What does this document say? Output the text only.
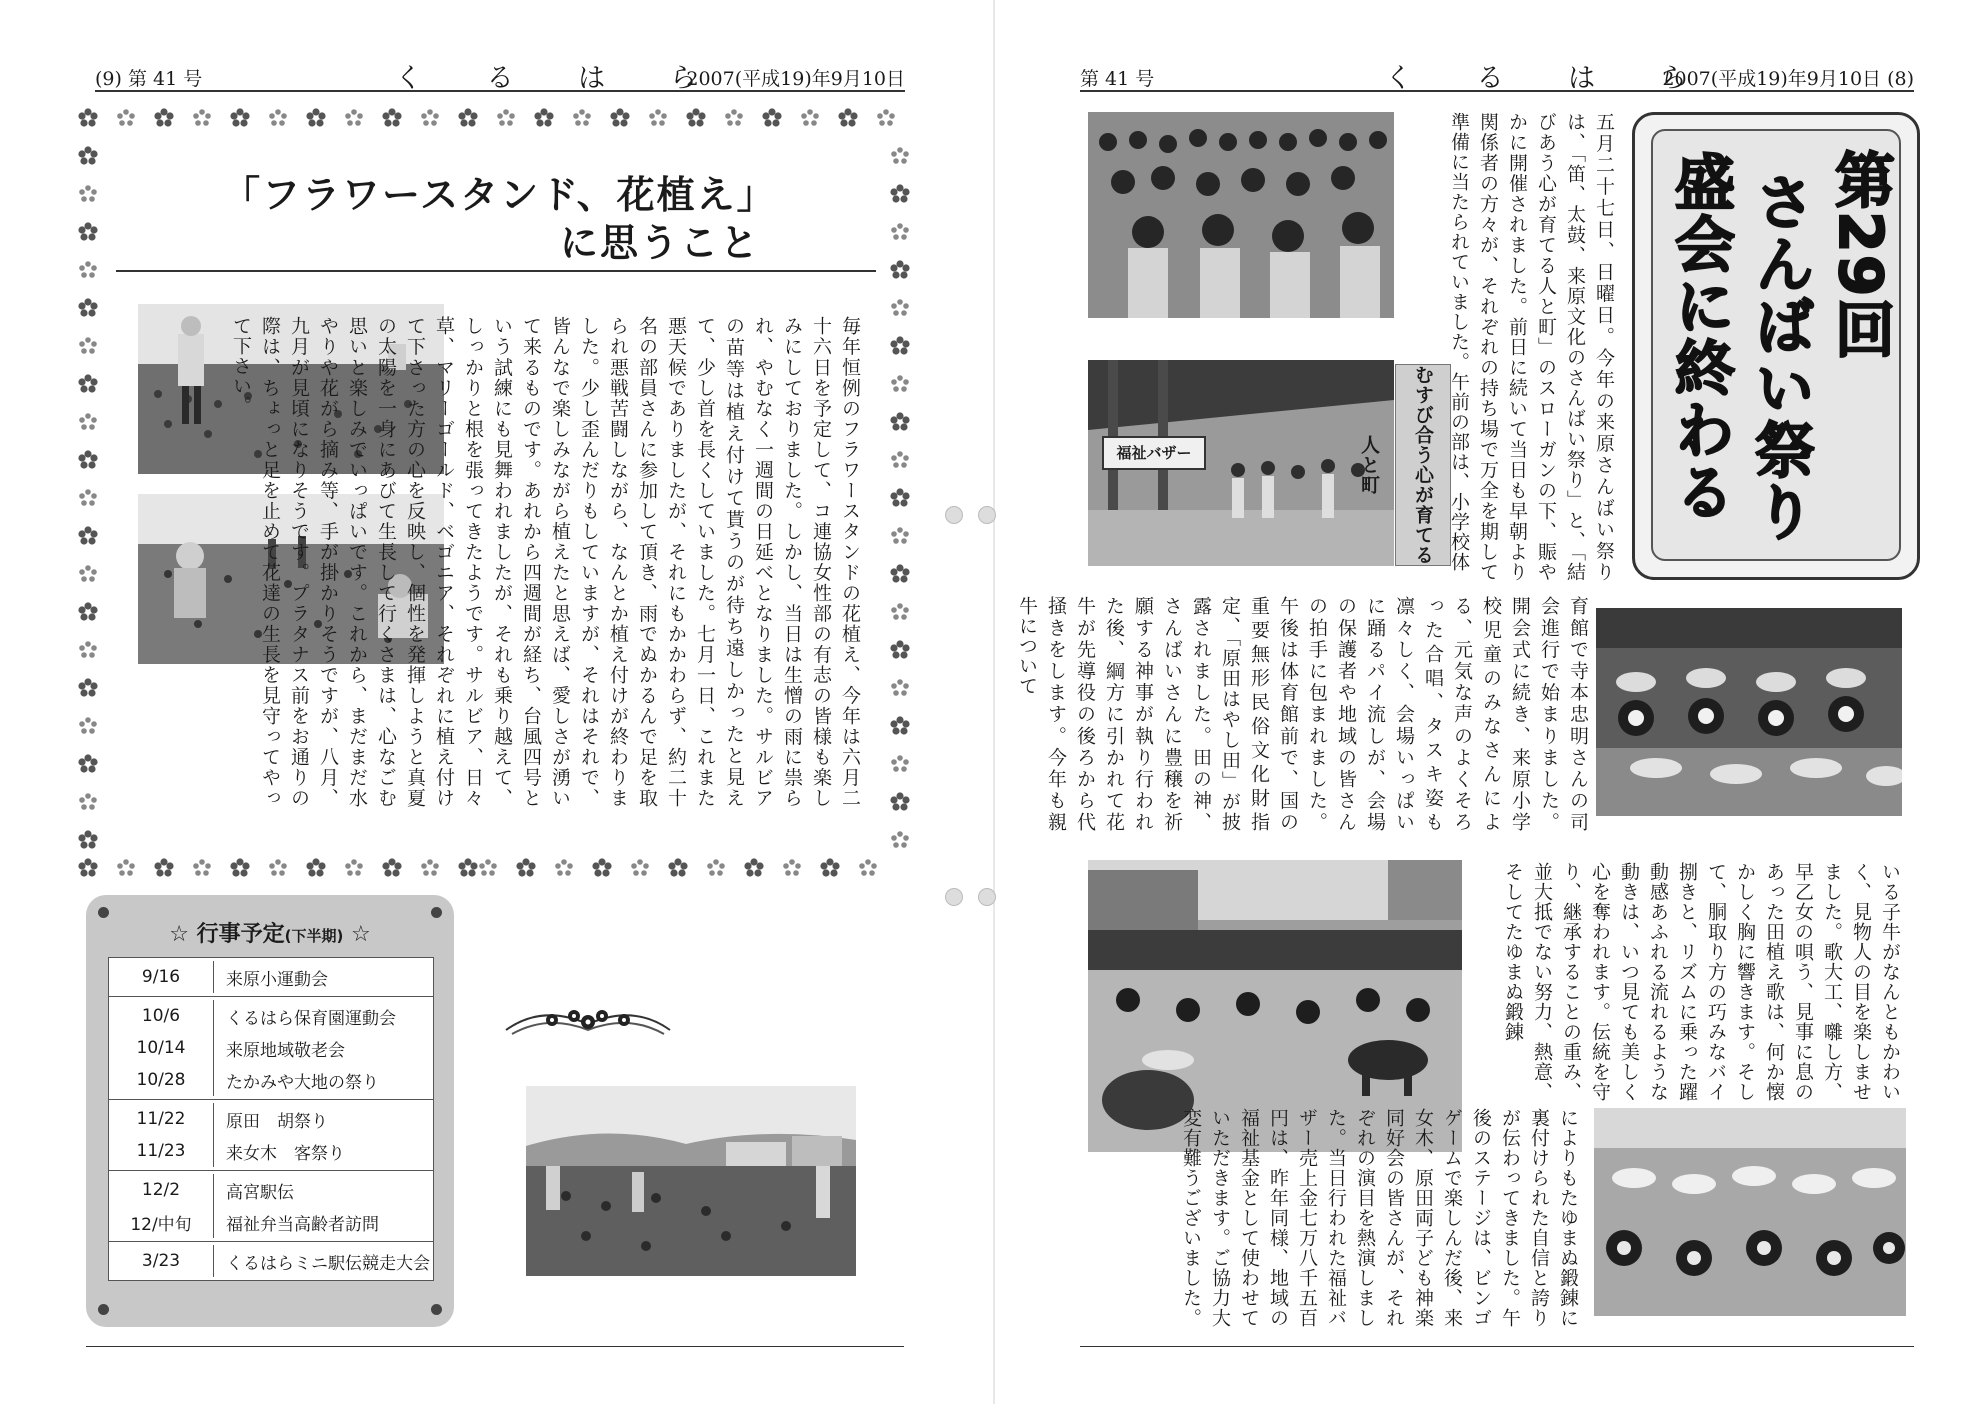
(9) 第 41 号	く る は ら
2007(平成19)年9月10日
「フラワースタンド、花植え」
に思うこと
毎年恒例のフラワースタンドの花植え、今年は六月二十六日を予定して、コ連協女性部の有志の皆様も楽しみにしておりました。しかし、当日は生憎の雨に祟られ、やむなく一週間の日延べとなりました。サルビアの苗等は植え付けて貰うのが待ち遠しかったと見えて、少し首を長くしていました。七月一日、これまた悪天候でありましたが、それにもかかわらず、約二十名の部員さんに参加して頂き、雨でぬかるんで足を取られ悪戦苦闘しながら、なんとか植え付けが終わりました。少し歪んだりもしていますが、それはそれで、皆んなで楽しみながら植えたと思えば、愛しさが湧いて来るものです。あれから四週間が経ち、台風四号という試練にも見舞われましたが、それも乗り越えて、しっかりと根を張ってきたようです。サルビア、日々草、マリーゴールド、ベゴニア、それぞれに植え付けて下さった方の心を反映し、個性を発揮しようと真夏の太陽を一身にあびて生長して行くさまは、心なごむ思いと楽しみでいっぱいです。これから、まだまだ水やりや花がら摘み等、手が掛かりそうですが、八月、九月が見頃になりそうです。プラタナス前をお通りの際は、ちょっと足を止めて花達の生長を見守ってやって下さい。
☆ 行事予定(下半期) ☆
9/16	来原小運動会
10/6	くるはら保育園運動会
10/14	来原地域敬老会
10/28	たかみや大地の祭り
11/22	原田　胡祭り
11/23	来女木　客祭り
12/2	高宮駅伝
12/中旬	福祉弁当高齢者訪問
3/23	くるはらミニ駅伝競走大会
第 41 号	く る は ら
2007(平成19)年9月10日 (8)
福祉バザー	むすび合う心が育てる人と町
第29回
さんばい祭り
盛会に終わる
五月二十七日、日曜日。今年の来原さんばい祭りは、「笛、太鼓、来原文化のさんばい祭り」と、「結びあう心が育てる人と町」のスローガンの下、賑やかに開催されました。前日に続いて当日も早朝より関係者の方々が、それぞれの持ち場で万全を期して準備に当たられていました。午前の部は、小学校体
育館で寺本忠明さんの司会進行で始まりました。開会式に続き、来原小学校児童のみなさんによる、元気な声のよくそろった合唱、タスキ姿も凛々しく、会場いっぱいに踊るパイ流しが、会場の保護者や地域の皆さんの拍手に包まれました。午後は体育館前で、国の重要無形民俗文化財指定、「原田はやし田」が披露されました。田の神、さんばいさんに豊穣を祈願する神事が執り行われた後、綱方に引かれて花牛が先導役の後ろから代掻きをします。今年も親牛について
いる子牛がなんともかわいく、見物人の目を楽しませました。歌大工、囃し方、早乙女の唄う、見事に息のあった田植え歌は、何か懐かしく胸に響きます。そして、胴取り方の巧みなバイ捌きと、リズムに乗った躍動感あふれる流れるような動きは、いつ見ても美しく心を奪われます。伝統を守り、継承することの重み、並大抵でない努力、熱意、そしてたゆまぬ鍛錬
によりもたゆまぬ鍛錬に裏付けられた自信と誇りが伝わってきました。午後のステージは、ビンゴゲームで楽しんだ後、来女木、原田両子ども神楽同好会の皆さんが、それぞれの演目を熱演しました。当日行われた福祉バザー売上金七万八千五百円は、昨年同様、地域の福祉基金として使わせていただきます。ご協力大変有難うございました。
